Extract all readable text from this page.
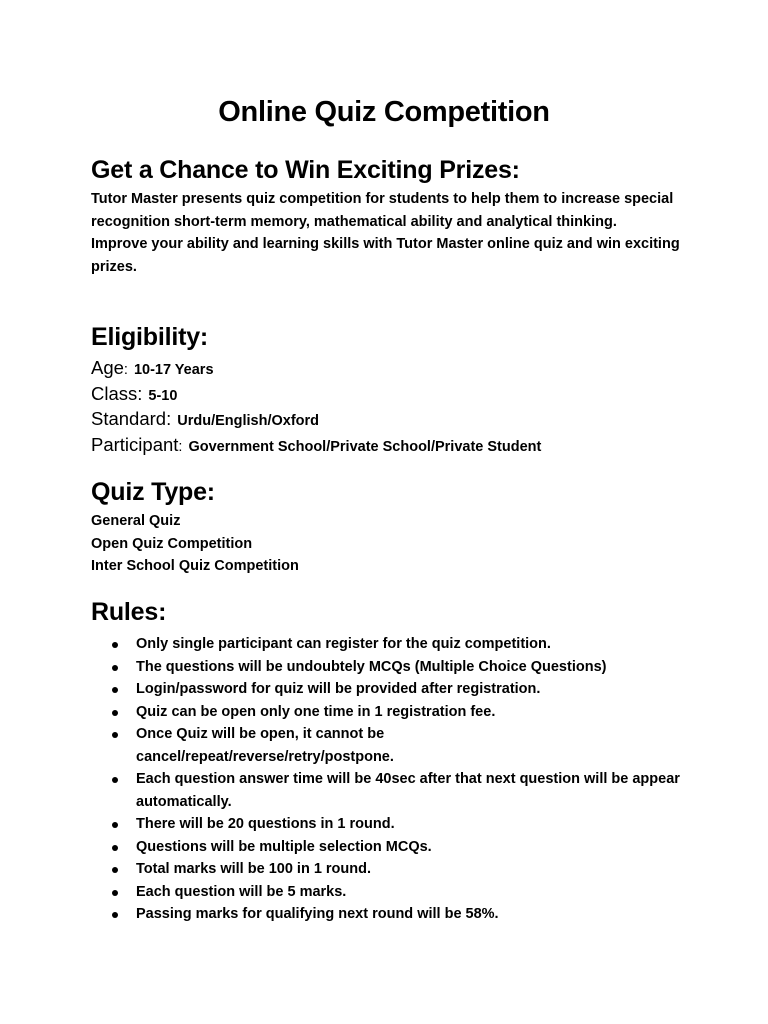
Online Quiz Competition
Get a Chance to Win Exciting Prizes:
Tutor Master presents quiz competition for students to help them to increase special recognition short-term memory, mathematical ability and analytical thinking.
Improve your ability and learning skills with Tutor Master online quiz and win exciting prizes.
Eligibility:
Age: 10-17 Years
Class: 5-10
Standard: Urdu/English/Oxford
Participant: Government School/Private School/Private Student
Quiz Type:
General Quiz
Open Quiz Competition
Inter School Quiz Competition
Rules:
Only single participant can register for the quiz competition.
The questions will be undoubtely MCQs (Multiple Choice Questions)
Login/password for quiz will be provided after registration.
Quiz can be open only one time in 1 registration fee.
Once Quiz will be open, it cannot be cancel/repeat/reverse/retry/postpone.
Each question answer time will be 40sec after that next question will be appear automatically.
There will be 20 questions in 1 round.
Questions will be multiple selection MCQs.
Total marks will be 100 in 1 round.
Each question will be 5 marks.
Passing marks for qualifying next round will be 58%.
